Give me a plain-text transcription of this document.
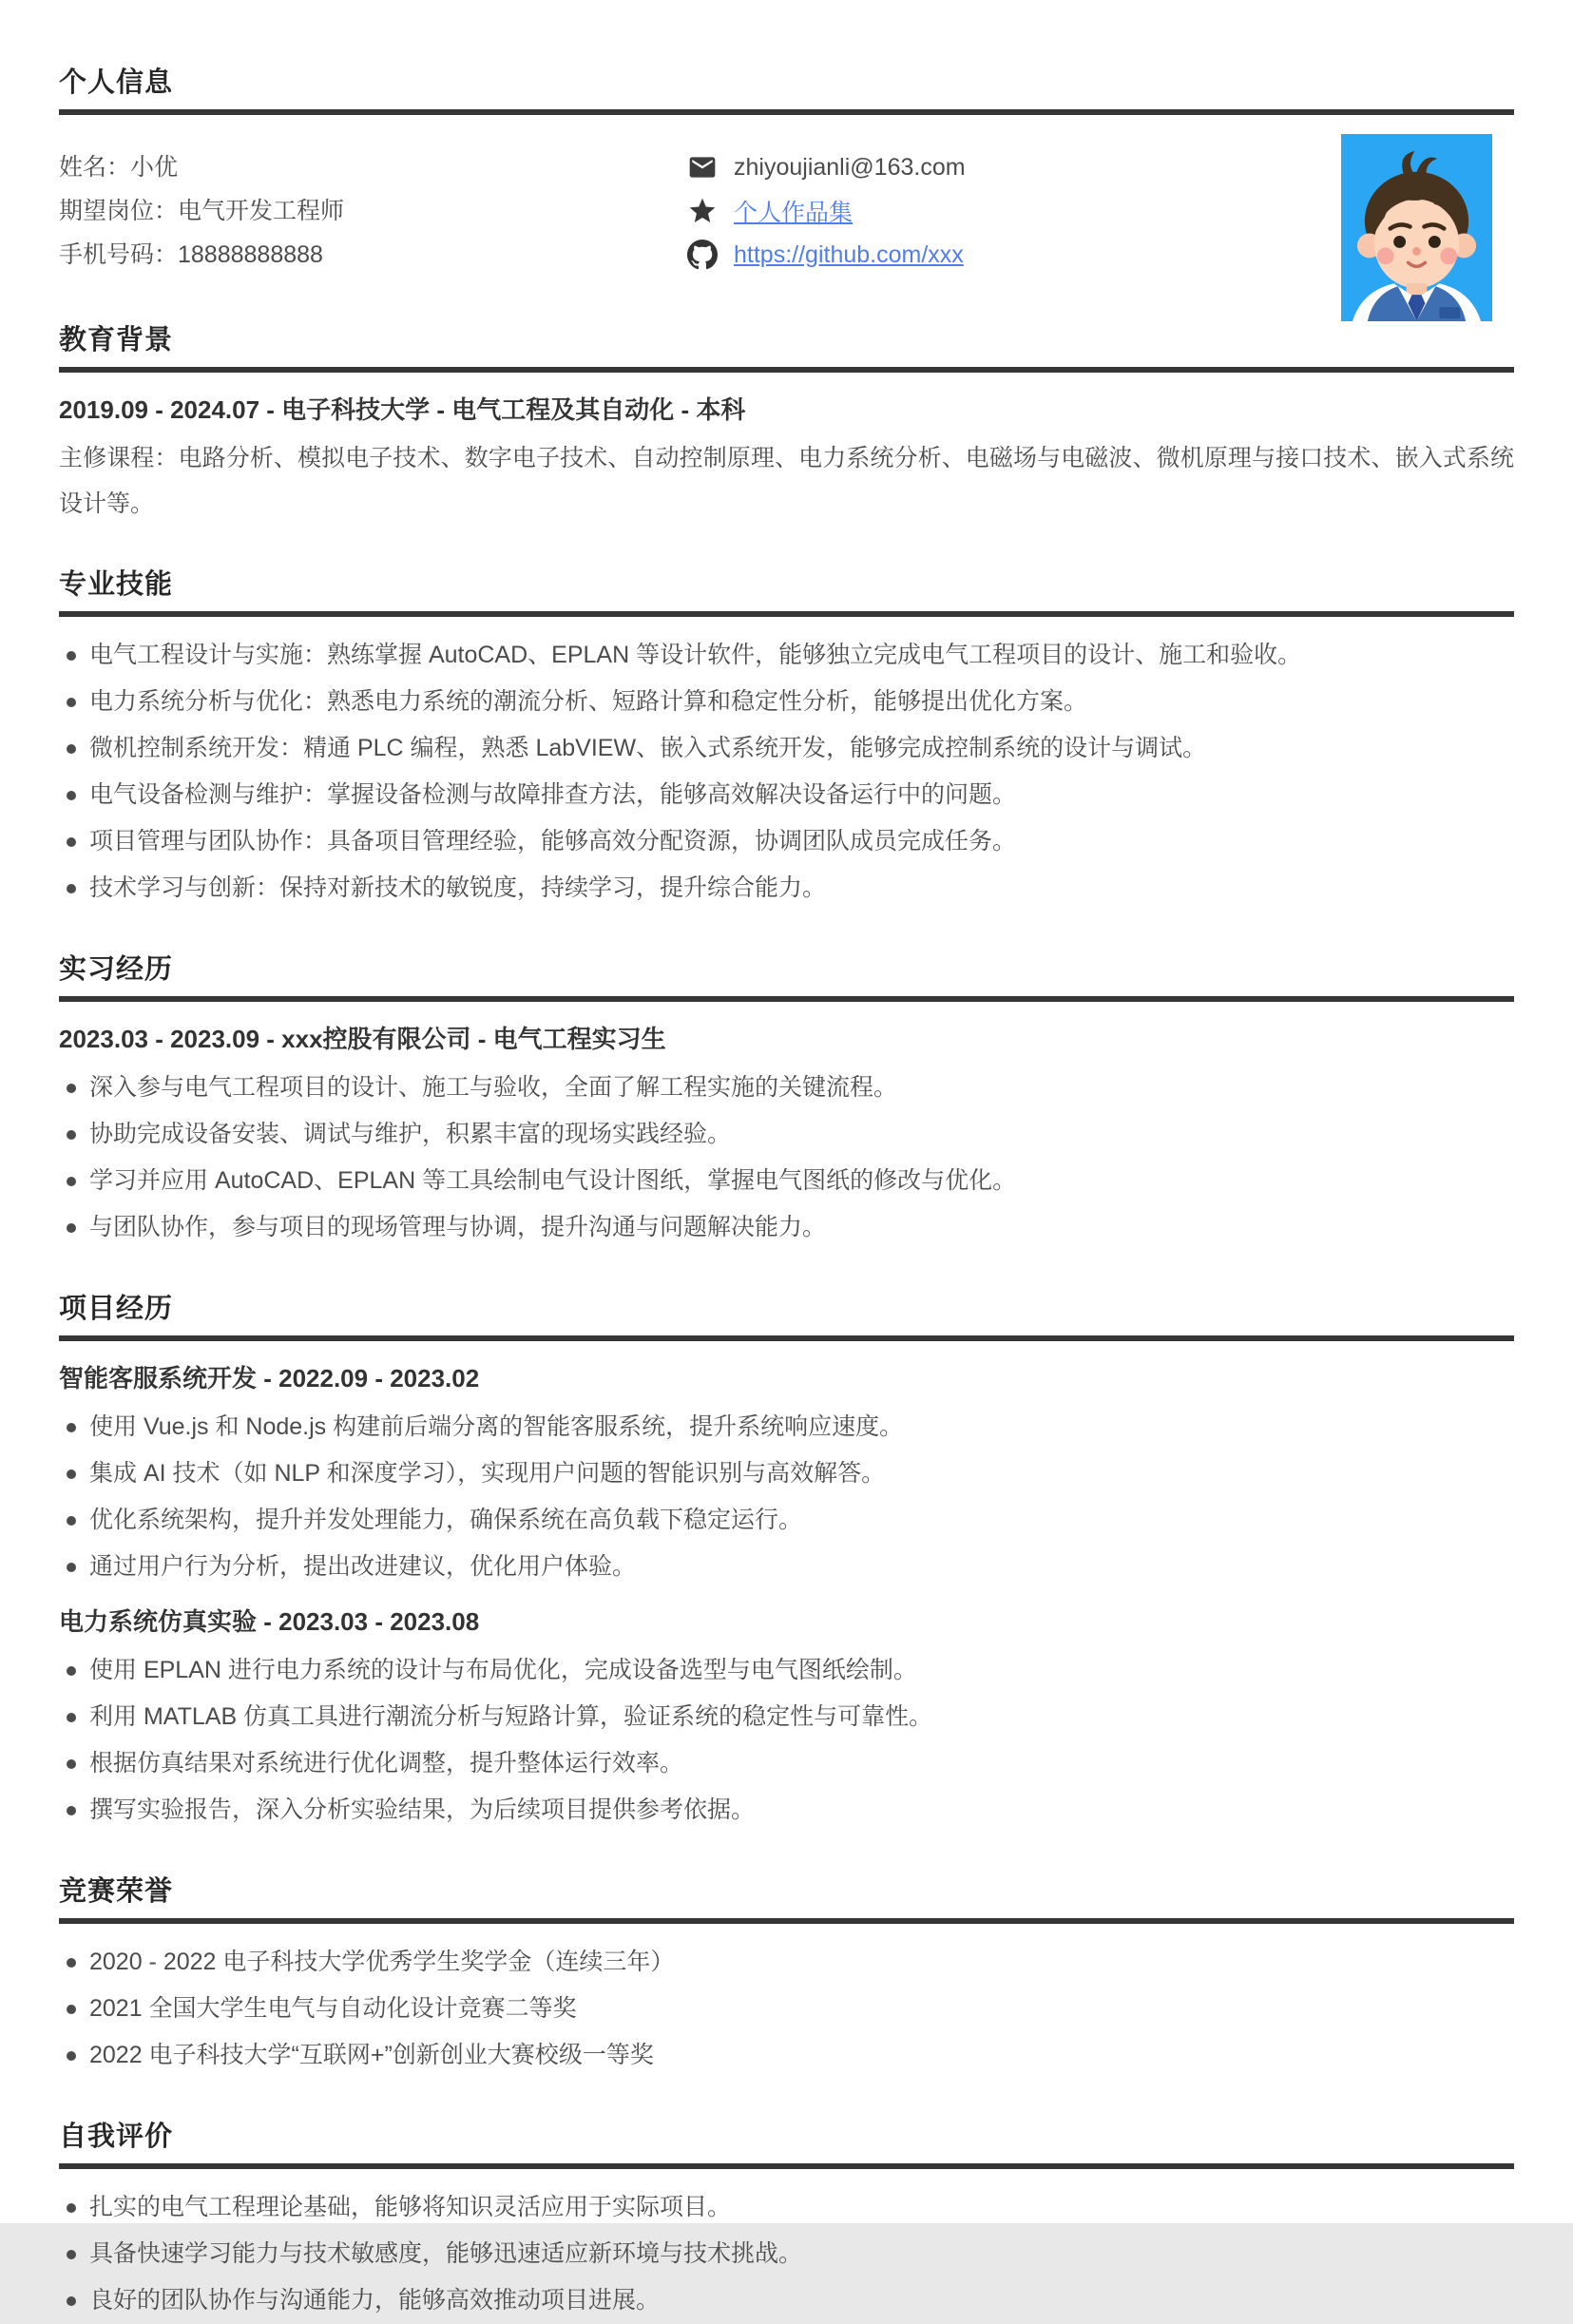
个人信息

姓名：小优

期望岗位：电气开发工程师

手机号码：18888888888

zhiyoujianli@163.com
个人作品集
https://github.com/xxx
教育背景

2019.09 - 2024.07 - 电子科技大学 - 电气工程及其自动化 - 本科

主修课程：电路分析、模拟电子技术、数字电子技术、自动控制原理、电力系统分析、电磁场与电磁波、微机原理与接口技术、嵌入式系统设计等。

专业技能
电气工程设计与实施：熟练掌握 AutoCAD、EPLAN 等设计软件，能够独立完成电气工程项目的设计、施工和验收。
电力系统分析与优化：熟悉电力系统的潮流分析、短路计算和稳定性分析，能够提出优化方案。
微机控制系统开发：精通 PLC 编程，熟悉 LabVIEW、嵌入式系统开发，能够完成控制系统的设计与调试。
电气设备检测与维护：掌握设备检测与故障排查方法，能够高效解决设备运行中的问题。
项目管理与团队协作：具备项目管理经验，能够高效分配资源，协调团队成员完成任务。
技术学习与创新：保持对新技术的敏锐度，持续学习，提升综合能力。
实习经历

2023.03 - 2023.09 - xxx控股有限公司 - 电气工程实习生

深入参与电气工程项目的设计、施工与验收，全面了解工程实施的关键流程。
协助完成设备安装、调试与维护，积累丰富的现场实践经验。
学习并应用 AutoCAD、EPLAN 等工具绘制电气设计图纸，掌握电气图纸的修改与优化。
与团队协作，参与项目的现场管理与协调，提升沟通与问题解决能力。
项目经历

智能客服系统开发 - 2022.09 - 2023.02

使用 Vue.js 和 Node.js 构建前后端分离的智能客服系统，提升系统响应速度。
集成 AI 技术（如 NLP 和深度学习），实现用户问题的智能识别与高效解答。
优化系统架构，提升并发处理能力，确保系统在高负载下稳定运行。
通过用户行为分析，提出改进建议，优化用户体验。

电力系统仿真实验 - 2023.03 - 2023.08

使用 EPLAN 进行电力系统的设计与布局优化，完成设备选型与电气图纸绘制。
利用 MATLAB 仿真工具进行潮流分析与短路计算，验证系统的稳定性与可靠性。
根据仿真结果对系统进行优化调整，提升整体运行效率。
撰写实验报告，深入分析实验结果，为后续项目提供参考依据。
竞赛荣誉
2020 - 2022 电子科技大学优秀学生奖学金（连续三年）
2021 全国大学生电气与自动化设计竞赛二等奖
2022 电子科技大学“互联网+”创新创业大赛校级一等奖
自我评价
扎实的电气工程理论基础，能够将知识灵活应用于实际项目。
具备快速学习能力与技术敏感度，能够迅速适应新环境与技术挑战。
良好的团队协作与沟通能力，能够高效推动项目进展。
